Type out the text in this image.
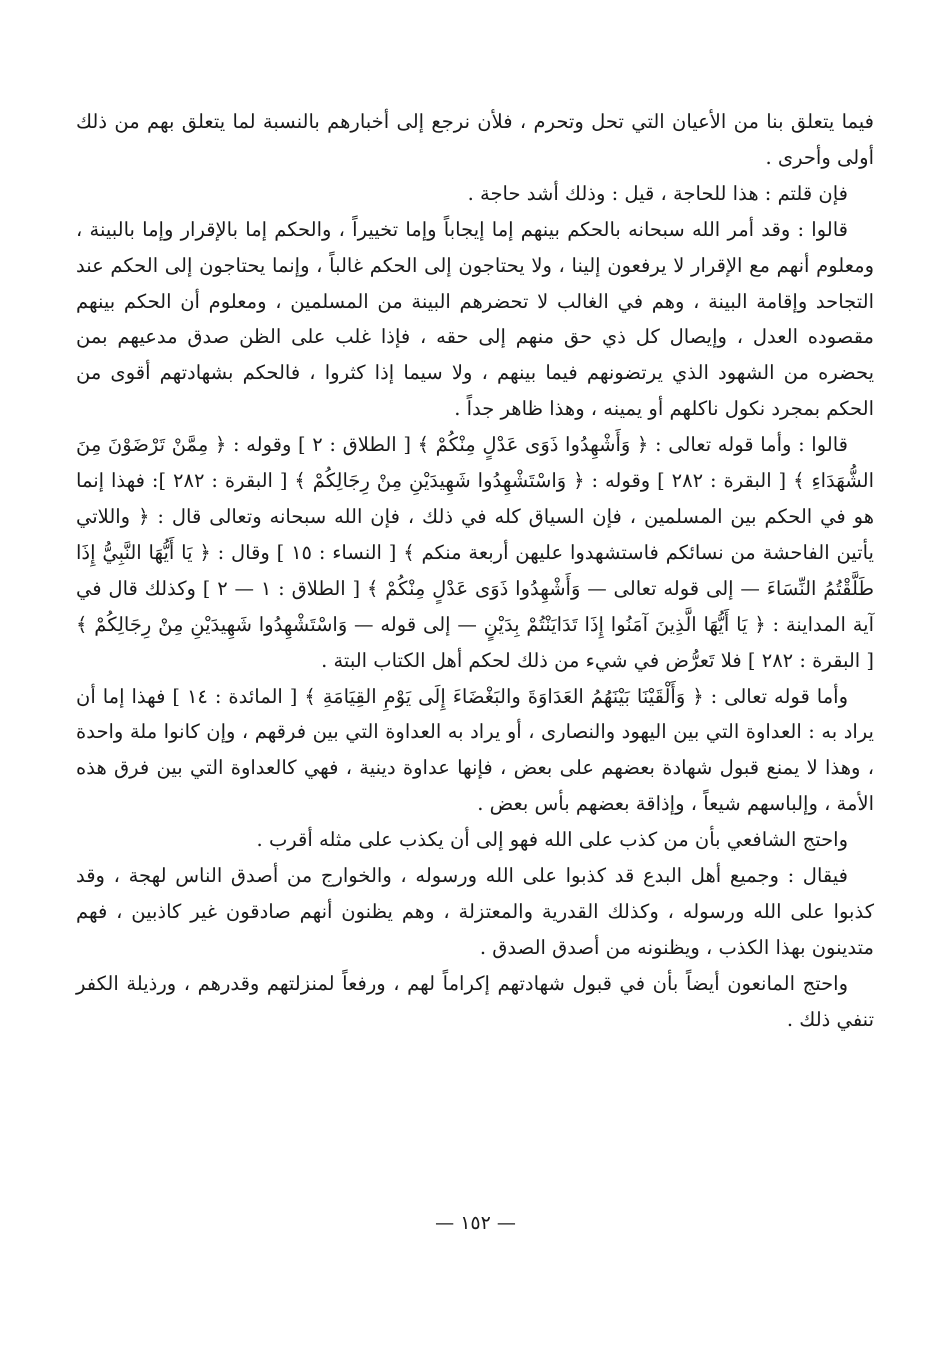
فيما يتعلق بنا من الأعيان التي تحل وتحرم ، فلأن نرجع إلى أخبارهم بالنسبة لما يتعلق بهم من ذلك أولى وأحرى .

فإن قلتم : هذا للحاجة ، قيل : وذلك أشد حاجة .

قالوا : وقد أمر الله سبحانه بالحكم بينهم إما إيجاباً وإما تخييراً ، والحكم إما بالإقرار وإما بالبينة ، ومعلوم أنهم مع الإقرار لا يرفعون إلينا ، ولا يحتاجون إلى الحكم غالباً ، وإنما يحتاجون إلى الحكم عند التجاحد وإقامة البينة ، وهم في الغالب لا تحضرهم البينة من المسلمين ، ومعلوم أن الحكم بينهم مقصوده العدل ، وإيصال كل ذي حق منهم إلى حقه ، فإذا غلب على الظن صدق مدعيهم بمن يحضره من الشهود الذي يرتضونهم فيما بينهم ، ولا سيما إذا كثروا ، فالحكم بشهادتهم أقوى من الحكم بمجرد نكول ناكلهم أو يمينه ، وهذا ظاهر جداً .

قالوا : وأما قوله تعالى : ﴿ وَأَشْهِدُوا ذَوَى عَدْلٍ مِنْكُمْ ﴾ [ الطلاق : ٢ ] وقوله : ﴿ مِمَّنْ تَرْضَوْنَ مِنَ الشُّهَدَاءِ ﴾ [ البقرة : ٢٨٢ ] وقوله : ﴿ وَاسْتَشْهِدُوا شَهِيدَيْنِ مِنْ رِجَالِكُمْ ﴾ [ البقرة : ٢٨٢ ]: فهذا إنما هو في الحكم بين المسلمين ، فإن السياق كله في ذلك ، فإن الله سبحانه وتعالى قال : ﴿ واللاتي يأتين الفاحشة من نسائكم فاستشهدوا عليهن أربعة منكم ﴾ [ النساء : ١٥ ] وقال : ﴿ يَا أَيُّهَا النَّبِيُّ إِذَا طَلَّقْتُمُ النِّسَاءَ — إلى قوله تعالى — وَأَشْهِدُوا ذَوَى عَدْلٍ مِنْكُمْ ﴾ [ الطلاق : ١ — ٢ ] وكذلك قال في آية المداينة : ﴿ يَا أَيُّهَا الَّذِينَ آمَنُوا إِذَا تَدَايَنْتُمْ بِدَيْنٍ — إلى قوله — وَاسْتَشْهِدُوا شَهِيدَيْنِ مِنْ رِجَالِكُمْ ﴾ [ البقرة : ٢٨٢ ] فلا تَعرُّض في شيء من ذلك لحكم أهل الكتاب البتة .

وأما قوله تعالى : ﴿ وَأَلْقَيْنَا بَيْنَهُمُ العَدَاوَةَ والبَغْضَاءَ إِلَى يَوْمِ القِيَامَةِ ﴾ [ المائدة : ١٤ ] فهذا إما أن يراد به : العداوة التي بين اليهود والنصارى ، أو يراد به العداوة التي بين فرقهم ، وإن كانوا ملة واحدة ، وهذا لا يمنع قبول شهادة بعضهم على بعض ، فإنها عداوة دينية ، فهي كالعداوة التي بين فرق هذه الأمة ، وإلباسهم شيعاً ، وإذاقة بعضهم بأس بعض .

واحتج الشافعي بأن من كذب على الله فهو إلى أن يكذب على مثله أقرب .

فيقال : وجميع أهل البدع قد كذبوا على الله ورسوله ، والخوارج من أصدق الناس لهجة ، وقد كذبوا على الله ورسوله ، وكذلك القدرية والمعتزلة ، وهم يظنون أنهم صادقون غير كاذبين ، فهم متدينون بهذا الكذب ، ويظنونه من أصدق الصدق .

واحتج المانعون أيضاً بأن في قبول شهادتهم إكراماً لهم ، ورفعاً لمنزلتهم وقدرهم ، ورذيلة الكفر تنفي ذلك .

— ١٥٢ —
